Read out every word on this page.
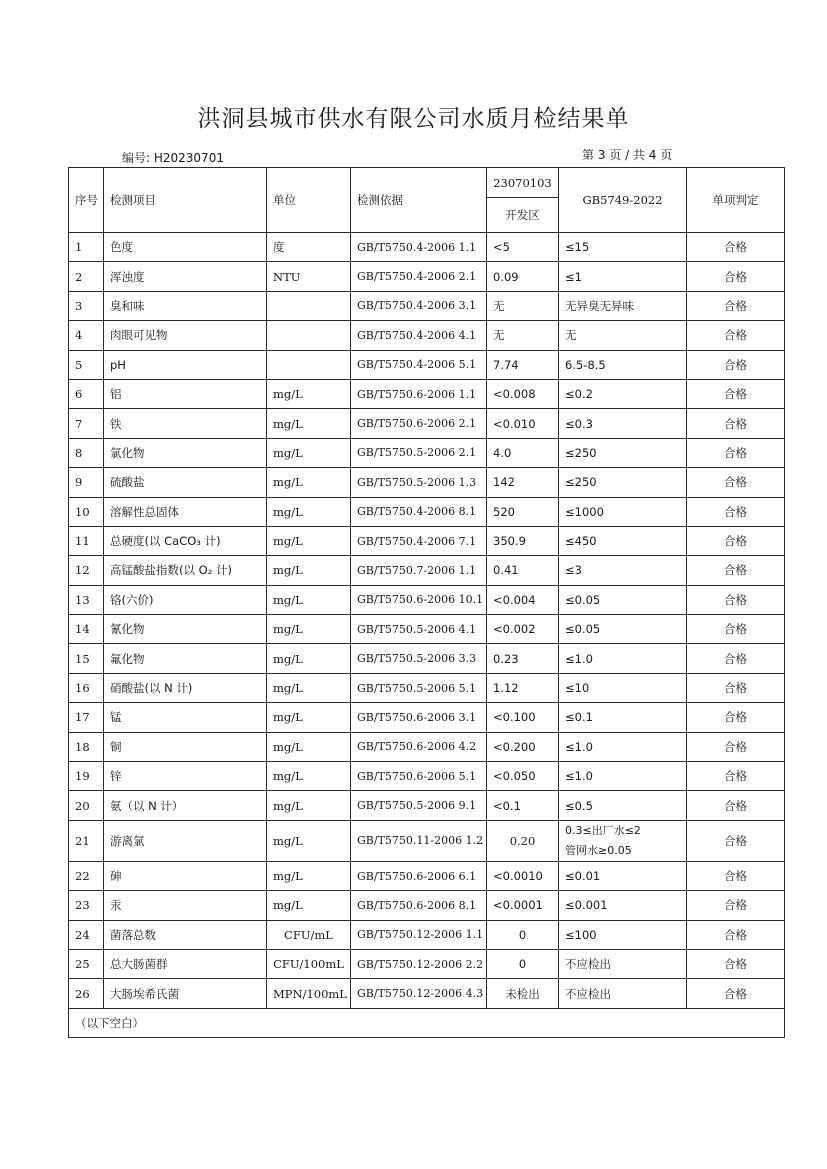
洪洞县城市供水有限公司水质月检结果单
编号: H20230701	第 3 页 / 共 4 页
序号	检测项目	单位	检测依据	23070103	GB5749-2022	单项判定
				开发区		
1	色度	度	GB/T5750.4-2006 1.1	<5	≤15	合格
2	浑浊度	NTU	GB/T5750.4-2006 2.1	0.09	≤1	合格
3	臭和味		GB/T5750.4-2006 3.1	无	无异臭无异味	合格
4	肉眼可见物		GB/T5750.4-2006 4.1	无	无	合格
5	pH		GB/T5750.4-2006 5.1	7.74	6.5-8.5	合格
6	铝	mg/L	GB/T5750.6-2006 1.1	<0.008	≤0.2	合格
7	铁	mg/L	GB/T5750.6-2006 2.1	<0.010	≤0.3	合格
8	氯化物	mg/L	GB/T5750.5-2006 2.1	4.0	≤250	合格
9	硫酸盐	mg/L	GB/T5750.5-2006 1.3	142	≤250	合格
10	溶解性总固体	mg/L	GB/T5750.4-2006 8.1	520	≤1000	合格
11	总硬度(以 CaCO₃ 计)	mg/L	GB/T5750.4-2006 7.1	350.9	≤450	合格
12	高锰酸盐指数(以 O₂ 计)	mg/L	GB/T5750.7-2006 1.1	0.41	≤3	合格
13	铬(六价)	mg/L	GB/T5750.6-2006 10.1	<0.004	≤0.05	合格
14	氰化物	mg/L	GB/T5750.5-2006 4.1	<0.002	≤0.05	合格
15	氟化物	mg/L	GB/T5750.5-2006 3.3	0.23	≤1.0	合格
16	硝酸盐(以 N 计)	mg/L	GB/T5750.5-2006 5.1	1.12	≤10	合格
17	锰	mg/L	GB/T5750.6-2006 3.1	<0.100	≤0.1	合格
18	铜	mg/L	GB/T5750.6-2006 4.2	<0.200	≤1.0	合格
19	锌	mg/L	GB/T5750.6-2006 5.1	<0.050	≤1.0	合格
20	氨（以 N 计）	mg/L	GB/T5750.5-2006 9.1	<0.1	≤0.5	合格
21	游离氯	mg/L	GB/T5750.11-2006 1.2	0.20	0.3≤出厂水≤2
管网水≥0.05	合格
22	砷	mg/L	GB/T5750.6-2006 6.1	<0.0010	≤0.01	合格
23	汞	mg/L	GB/T5750.6-2006 8.1	<0.0001	≤0.001	合格
24	菌落总数	CFU/mL	GB/T5750.12-2006 1.1	0	≤100	合格
25	总大肠菌群	CFU/100mL	GB/T5750.12-2006 2.2	0	不应检出	合格
26	大肠埃希氏菌	MPN/100mL	GB/T5750.12-2006 4.3	未检出	不应检出	合格
（以下空白）						
